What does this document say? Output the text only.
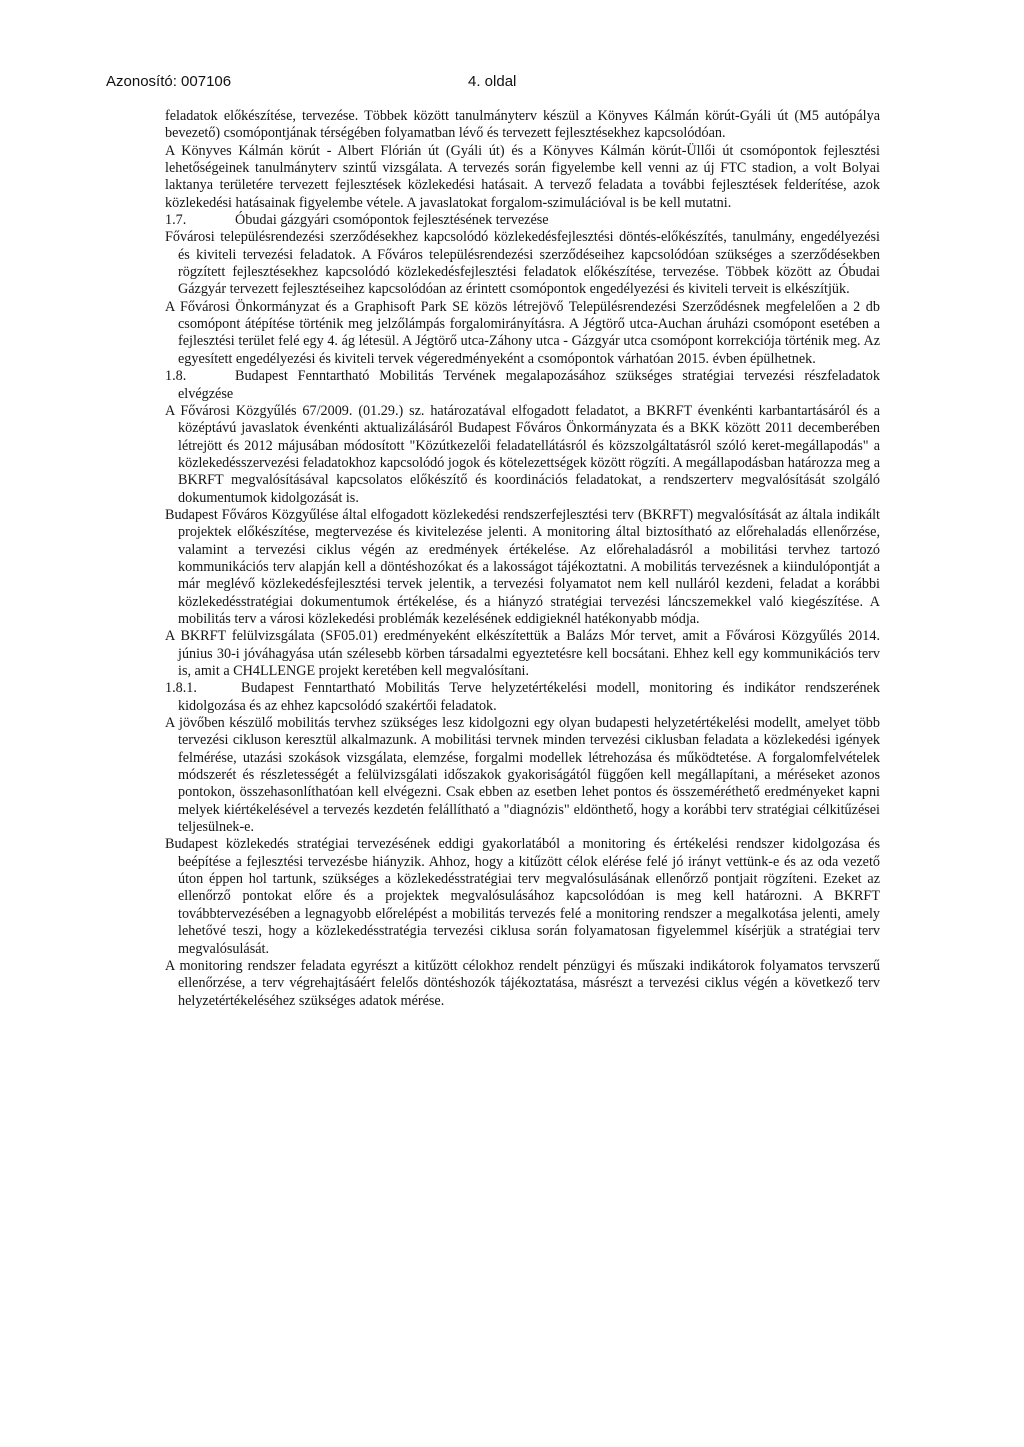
Azonosító: 007106	4. oldal

feladatok előkészítése, tervezése. Többek között tanulmányterv készül a Könyves Kálmán körút-Gyáli út (M5 autópálya bevezető) csomópontjának térségében folyamatban lévő és tervezett fejlesztésekhez kapcsolódóan.

A Könyves Kálmán körút - Albert Flórián út (Gyáli út) és a Könyves Kálmán körút-Üllői út csomópontok fejlesztési lehetőségeinek tanulmányterv szintű vizsgálata. A tervezés során figyelembe kell venni az új FTC stadion, a volt Bolyai laktanya területére tervezett fejlesztések közlekedési hatásait. A tervező feladata a további fejlesztések felderítése, azok közlekedési hatásainak figyelembe vétele. A javaslatokat forgalom-szimulációval is be kell mutatni.

1.7.	Óbudai gázgyári csomópontok fejlesztésének tervezése

Fővárosi településrendezési szerződésekhez kapcsolódó közlekedésfejlesztési döntés-előkészítés, tanulmány, engedélyezési és kiviteli tervezési feladatok. A Főváros településrendezési szerződéseihez kapcsolódóan szükséges a szerződésekben rögzített fejlesztésekhez kapcsolódó közlekedésfejlesztési feladatok előkészítése, tervezése. Többek között az Óbudai Gázgyár tervezett fejlesztéseihez kapcsolódóan az érintett csomópontok engedélyezési és kiviteli terveit is elkészítjük.

A Fővárosi Önkormányzat és a Graphisoft Park SE közös létrejövő Településrendezési Szerződésnek megfelelően a 2 db csomópont átépítése történik meg jelzőlámpás forgalomirányításra. A Jégtörő utca-Auchan áruházi csomópont esetében a fejlesztési terület felé egy 4. ág létesül. A Jégtörő utca-Záhony utca - Gázgyár utca csomópont korrekciója történik meg. Az egyesített engedélyezési és kiviteli tervek végeredményeként a csomópontok várhatóan 2015. évben épülhetnek.

1.8.	Budapest Fenntartható Mobilitás Tervének megalapozásához szükséges stratégiai tervezési részfeladatok elvégzése

A Fővárosi Közgyűlés 67/2009. (01.29.) sz. határozatával elfogadott feladatot, a BKRFT évenkénti karbantartásáról és a középtávú javaslatok évenkénti aktualizálásáról Budapest Főváros Önkormányzata és a BKK között 2011 decemberében létrejött és 2012 májusában módosított "Közútkezelői feladatellátásról és közszolgáltatásról szóló keret-megállapodás" a közlekedésszervezési feladatokhoz kapcsolódó jogok és kötelezettségek között rögzíti. A megállapodásban határozza meg a BKRFT megvalósításával kapcsolatos előkészítő és koordinációs feladatokat, a rendszerterv megvalósítását szolgáló dokumentumok kidolgozását is.

Budapest Főváros Közgyűlése által elfogadott közlekedési rendszerfejlesztési terv (BKRFT) megvalósítását az általa indikált projektek előkészítése, megtervezése és kivitelezése jelenti. A monitoring által biztosítható az előrehaladás ellenőrzése, valamint a tervezési ciklus végén az eredmények értékelése. Az előrehaladásról a mobilitási tervhez tartozó kommunikációs terv alapján kell a döntéshozókat és a lakosságot tájékoztatni. A mobilitás tervezésnek a kiindulópontját a már meglévő közlekedésfejlesztési tervek jelentik, a tervezési folyamatot nem kell nulláról kezdeni, feladat a korábbi közlekedésstratégiai dokumentumok értékelése, és a hiányzó stratégiai tervezési láncszemekkel való kiegészítése. A mobilitás terv a városi közlekedési problémák kezelésének eddigieknél hatékonyabb módja.

A BKRFT felülvizsgálata (SF05.01) eredményeként elkészítettük a Balázs Mór tervet, amit a Fővárosi Közgyűlés 2014. június 30-i jóváhagyása után szélesebb körben társadalmi egyeztetésre kell bocsátani. Ehhez kell egy kommunikációs terv is, amit a CH4LLENGE projekt keretében kell megvalósítani.

1.8.1.	Budapest Fenntartható Mobilitás Terve helyzetértékelési modell, monitoring és indikátor rendszerének kidolgozása és az ehhez kapcsolódó szakértői feladatok.

A jövőben készülő mobilitás tervhez szükséges lesz kidolgozni egy olyan budapesti helyzetértékelési modellt, amelyet több tervezési cikluson keresztül alkalmazunk. A mobilitási tervnek minden tervezési ciklusban feladata a közlekedési igények felmérése, utazási szokások vizsgálata, elemzése, forgalmi modellek létrehozása és működtetése. A forgalomfelvételek módszerét és részletességét a felülvizsgálati időszakok gyakoriságától függően kell megállapítani, a méréseket azonos pontokon, összehasonlíthatóan kell elvégezni. Csak ebben az esetben lehet pontos és összeméréthető eredményeket kapni melyek kiértékelésével a tervezés kezdetén felállítható a "diagnózis" eldönthető, hogy a korábbi terv stratégiai célkitűzései teljesülnek-e.

Budapest közlekedés stratégiai tervezésének eddigi gyakorlatából a monitoring és értékelési rendszer kidolgozása és beépítése a fejlesztési tervezésbe hiányzik. Ahhoz, hogy a kitűzött célok elérése felé jó irányt vettünk-e és az oda vezető úton éppen hol tartunk, szükséges a közlekedésstratégiai terv megvalósulásának ellenőrző pontjait rögzíteni. Ezeket az ellenőrző pontokat előre és a projektek megvalósulásához kapcsolódóan is meg kell határozni. A BKRFT továbbtervezésében a legnagyobb előrelépést a mobilitás tervezés felé a monitoring rendszer a megalkotása jelenti, amely lehetővé teszi, hogy a közlekedésstratégia tervezési ciklusa során folyamatosan figyelemmel kísérjük a stratégiai terv megvalósulását.

A monitoring rendszer feladata egyrészt a kitűzött célokhoz rendelt pénzügyi és műszaki indikátorok folyamatos tervszerű ellenőrzése, a terv végrehajtásáért felelős döntéshozók tájékoztatása, másrészt a tervezési ciklus végén a következő terv helyzetértékeléséhez szükséges adatok mérése.
